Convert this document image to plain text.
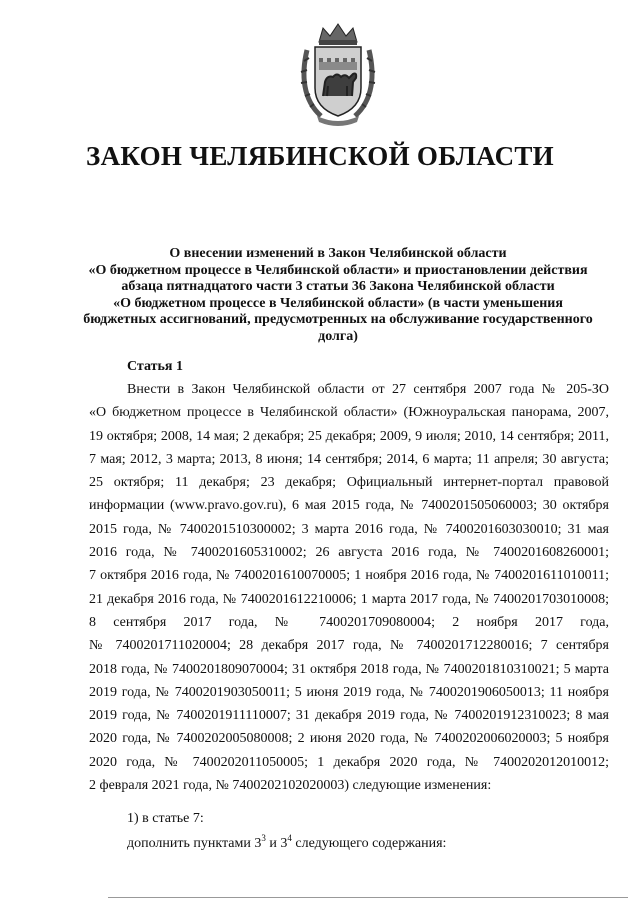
ЗАКОН ЧЕЛЯБИНСКОЙ ОБЛАСТИ
О внесении изменений в Закон Челябинской области
«О бюджетном процессе в Челябинской области» и приостановлении действия
абзаца пятнадцатого части 3 статьи 36 Закона Челябинской области
«О бюджетном процессе в Челябинской области» (в части уменьшения
бюджетных ассигнований, предусмотренных на обслуживание государственного
долга)
Статья 1
Внести в Закон Челябинской области от 27 сентября 2007 года № 205-ЗО
«О бюджетном процессе в Челябинской области» (Южноуральская панорама, 2007,
19 октября; 2008, 14 мая; 2 декабря; 25 декабря; 2009, 9 июля; 2010, 14 сентября; 2011,
7 мая; 2012, 3 марта; 2013, 8 июня; 14 сентября; 2014, 6 марта; 11 апреля; 30 августа;
25 октября; 11 декабря; 23 декабря; Официальный интернет-портал правовой
информации (www.pravo.gov.ru), 6 мая 2015 года, № 7400201505060003; 30 октября
2015 года, № 7400201510300002; 3 марта 2016 года, № 7400201603030010; 31 мая
2016 года, № 7400201605310002; 26 августа 2016 года, № 7400201608260001;
7 октября 2016 года, № 7400201610070005; 1 ноября 2016 года, № 7400201611010011;
21 декабря 2016 года, № 7400201612210006; 1 марта 2017 года, № 7400201703010008;
8 сентября 2017 года, № 7400201709080004; 2 ноября 2017 года,
№ 7400201711020004; 28 декабря 2017 года, № 7400201712280016; 7 сентября
2018 года, № 7400201809070004; 31 октября 2018 года, № 7400201810310021; 5 марта
2019 года, № 7400201903050011; 5 июня 2019 года, № 7400201906050013; 11 ноября
2019 года, № 7400201911110007; 31 декабря 2019 года, № 7400201912310023; 8 мая
2020 года, № 7400202005080008; 2 июня 2020 года, № 7400202006020003; 5 ноября
2020 года, № 7400202011050005; 1 декабря 2020 года, № 7400202012010012;
2 февраля 2021 года, № 7400202102020003) следующие изменения:
1) в статье 7:
дополнить пунктами $3^3$ и $3^4$ следующего содержания:
